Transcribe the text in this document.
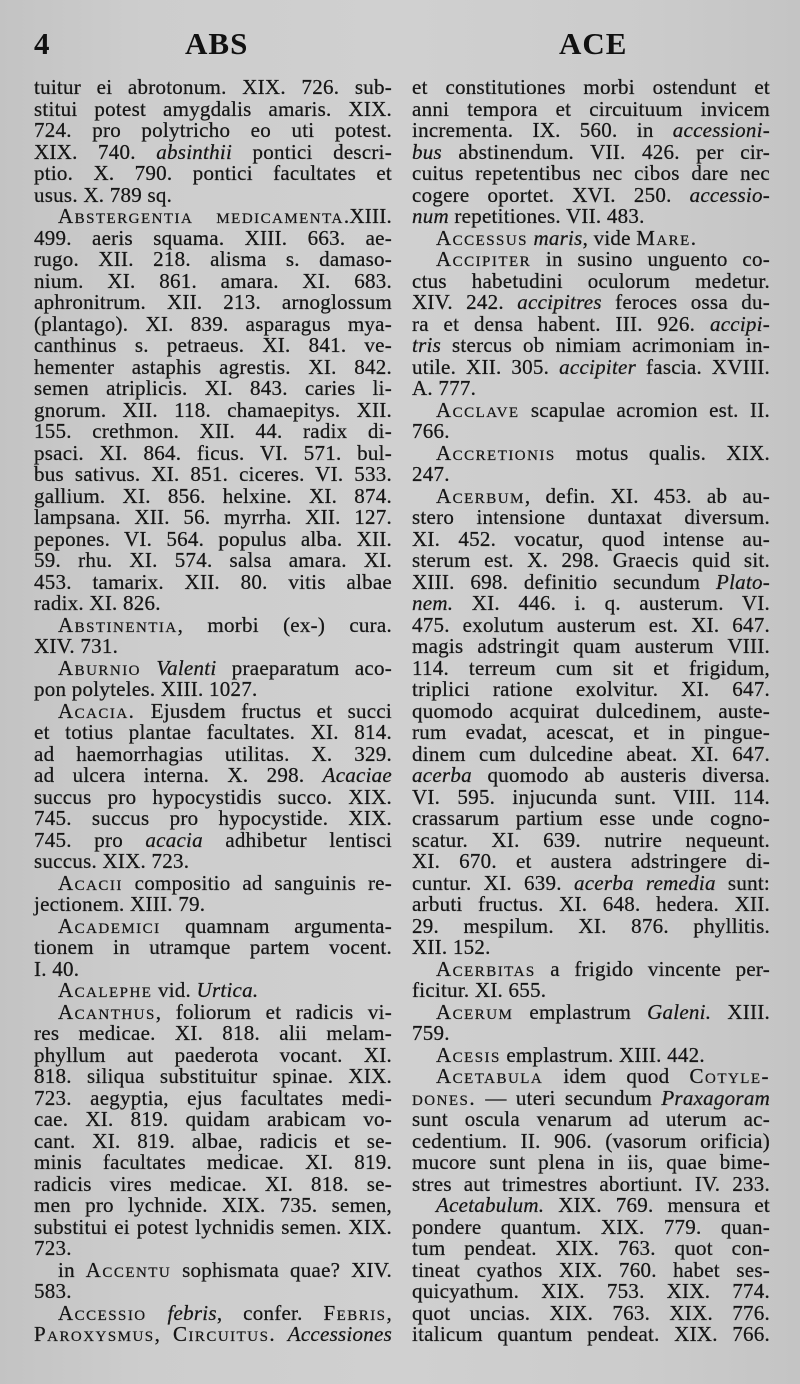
4	ABS	ACE
tuitur ei abrotonum. XIX. 726. sub-
stitui potest amygdalis amaris. XIX.
724. pro polytricho eo uti potest.
XIX. 740. absinthii pontici descri-
ptio. X. 790. pontici facultates et
usus. X. 789 sq.
Abstergentia medicamenta.XIII.
499. aeris squama. XIII. 663. ae-
rugo. XII. 218. alisma s. damaso-
nium. XI. 861. amara. XI. 683.
aphronitrum. XII. 213. arnoglossum
(plantago). XI. 839. asparagus mya-
canthinus s. petraeus. XI. 841. ve-
hementer astaphis agrestis. XI. 842.
semen atriplicis. XI. 843. caries li-
gnorum. XII. 118. chamaepitys. XII.
155. crethmon. XII. 44. radix di-
psaci. XI. 864. ficus. VI. 571. bul-
bus sativus. XI. 851. ciceres. VI. 533.
gallium. XI. 856. helxine. XI. 874.
lampsana. XII. 56. myrrha. XII. 127.
pepones. VI. 564. populus alba. XII.
59. rhu. XI. 574. salsa amara. XI.
453. tamarix. XII. 80. vitis albae
radix. XI. 826.
Abstinentia, morbi (ex-) cura.
XIV. 731.
Aburnio Valenti praeparatum aco-
pon polyteles. XIII. 1027.
Acacia. Ejusdem fructus et succi
et totius plantae facultates. XI. 814.
ad haemorrhagias utilitas. X. 329.
ad ulcera interna. X. 298. Acaciae
succus pro hypocystidis succo. XIX.
745. succus pro hypocystide. XIX.
745. pro acacia adhibetur lentisci
succus. XIX. 723.
Acacii compositio ad sanguinis re-
jectionem. XIII. 79.
Academici quamnam argumenta-
tionem in utramque partem vocent.
I. 40.
Acalephe vid. Urtica.
Acanthus, foliorum et radicis vi-
res medicae. XI. 818. alii melam-
phyllum aut paederota vocant. XI.
818. siliqua substituitur spinae. XIX.
723. aegyptia, ejus facultates medi-
cae. XI. 819. quidam arabicam vo-
cant. XI. 819. albae, radicis et se-
minis facultates medicae. XI. 819.
radicis vires medicae. XI. 818. se-
men pro lychnide. XIX. 735. semen,
substitui ei potest lychnidis semen. XIX.
723.
in Accentu sophismata quae? XIV.
583.
Accessio febris, confer. Febris,
Paroxysmus, Circuitus. Accessiones
et constitutiones morbi ostendunt et
anni tempora et circuituum invicem
incrementa. IX. 560. in accessioni-
bus abstinendum. VII. 426. per cir-
cuitus repetentibus nec cibos dare nec
cogere oportet. XVI. 250. accessio-
num repetitiones. VII. 483.
Accessus maris, vide Mare.
Accipiter in susino unguento co-
ctus habetudini oculorum medetur.
XIV. 242. accipitres feroces ossa du-
ra et densa habent. III. 926. accipi-
tris stercus ob nimiam acrimoniam in-
utile. XII. 305. accipiter fascia. XVIII.
A. 777.
Acclave scapulae acromion est. II.
766.
Accretionis motus qualis. XIX.
247.
Acerbum, defin. XI. 453. ab au-
stero intensione duntaxat diversum.
XI. 452. vocatur, quod intense au-
sterum est. X. 298. Graecis quid sit.
XIII. 698. definitio secundum Plato-
nem. XI. 446. i. q. austerum. VI.
475. exolutum austerum est. XI. 647.
magis adstringit quam austerum VIII.
114. terreum cum sit et frigidum,
triplici ratione exolvitur. XI. 647.
quomodo acquirat dulcedinem, auste-
rum evadat, acescat, et in pingue-
dinem cum dulcedine abeat. XI. 647.
acerba quomodo ab austeris diversa.
VI. 595. injucunda sunt. VIII. 114.
crassarum partium esse unde cogno-
scatur. XI. 639. nutrire nequeunt.
XI. 670. et austera adstringere di-
cuntur. XI. 639. acerba remedia sunt:
arbuti fructus. XI. 648. hedera. XII.
29. mespilum. XI. 876. phyllitis.
XII. 152.
Acerbitas a frigido vincente per-
ficitur. XI. 655.
Acerum emplastrum Galeni. XIII.
759.
Acesis emplastrum. XIII. 442.
Acetabula idem quod Cotyle-
dones. — uteri secundum Praxagoram
sunt oscula venarum ad uterum ac-
cedentium. II. 906. (vasorum orificia)
mucore sunt plena in iis, quae bime-
stres aut trimestres abortiunt. IV. 233.
Acetabulum. XIX. 769. mensura et
pondere quantum. XIX. 779. quan-
tum pendeat. XIX. 763. quot con-
tineat cyathos XIX. 760. habet ses-
quicyathum. XIX. 753. XIX. 774.
quot uncias. XIX. 763. XIX. 776.
italicum quantum pendeat. XIX. 766.
